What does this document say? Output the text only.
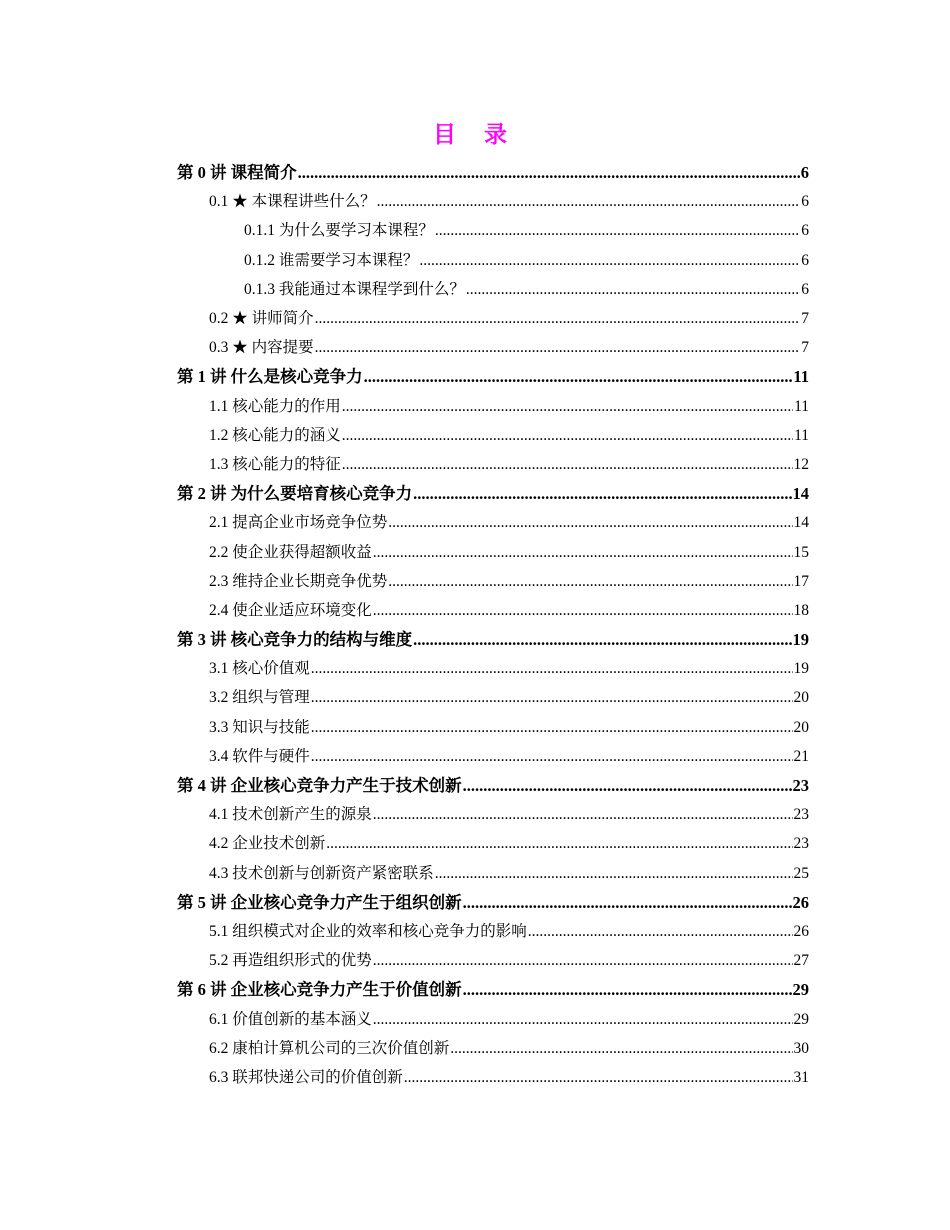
目 录
第 0 讲 课程简介 .....	6
0.1 ★ 本课程讲些什么？ .....	6
0.1.1 为什么要学习本课程？ .....	6
0.1.2 谁需要学习本课程？ .....	6
0.1.3 我能通过本课程学到什么？ .....	6
0.2 ★ 讲师简介 .....	7
0.3 ★ 内容提要 .....	7
第 1 讲 什么是核心竞争力 .....	11
1.1 核心能力的作用 .....	11
1.2 核心能力的涵义 .....	11
1.3 核心能力的特征 .....	12
第 2 讲 为什么要培育核心竞争力 .....	14
2.1 提高企业市场竞争位势 .....	14
2.2 使企业获得超额收益 .....	15
2.3 维持企业长期竞争优势 .....	17
2.4 使企业适应环境变化 .....	18
第 3 讲 核心竞争力的结构与维度 .....	19
3.1 核心价值观 .....	19
3.2 组织与管理 .....	20
3.3 知识与技能 .....	20
3.4 软件与硬件 .....	21
第 4 讲 企业核心竞争力产生于技术创新 .....	23
4.1 技术创新产生的源泉 .....	23
4.2 企业技术创新 .....	23
4.3 技术创新与创新资产紧密联系 .....	25
第 5 讲 企业核心竞争力产生于组织创新 .....	26
5.1 组织模式对企业的效率和核心竞争力的影响 .....	26
5.2 再造组织形式的优势 .....	27
第 6 讲 企业核心竞争力产生于价值创新 .....	29
6.1 价值创新的基本涵义 .....	29
6.2 康柏计算机公司的三次价值创新 .....	30
6.3 联邦快递公司的价值创新 .....	31
